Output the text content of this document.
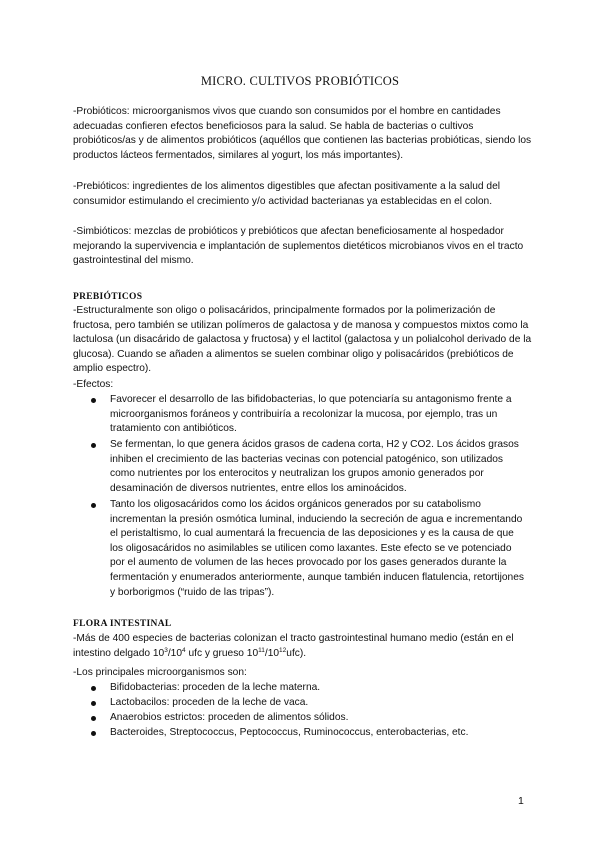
MICRO. CULTIVOS PROBIÓTICOS

-Probióticos: microorganismos vivos que cuando son consumidos por el hombre en cantidades adecuadas confieren efectos beneficiosos para la salud. Se habla de bacterias o cultivos probióticos/as y de alimentos probióticos (aquéllos que contienen las bacterias probióticas, siendo los productos lácteos fermentados, similares al yogurt, los más importantes).

-Prebióticos: ingredientes de los alimentos digestibles que afectan positivamente a la salud del consumidor estimulando el crecimiento y/o actividad bacterianas ya establecidas en el colon.

-Simbióticos: mezclas de probióticos y prebióticos que afectan beneficiosamente al hospedador mejorando la supervivencia e implantación de suplementos dietéticos microbianos vivos en el tracto gastrointestinal del mismo.

PREBIÓTICOS

-Estructuralmente son oligo o polisacáridos, principalmente formados por la polimerización de fructosa, pero también se utilizan polímeros de galactosa y de manosa y compuestos mixtos como la lactulosa (un disacárido de galactosa y fructosa) y el lactitol (galactosa y un polialcohol derivado de la glucosa). Cuando se añaden a alimentos se suelen combinar oligo y polisacáridos (prebióticos de amplio espectro).

-Efectos:

Favorecer el desarrollo de las bifidobacterias, lo que potenciaría su antagonismo frente a microorganismos foráneos y contribuiría a recolonizar la mucosa, por ejemplo, tras un tratamiento con antibióticos.
Se fermentan, lo que genera ácidos grasos de cadena corta, H2 y CO2. Los ácidos grasos inhiben el crecimiento de las bacterias vecinas con potencial patogénico, son utilizados como nutrientes por los enterocitos y neutralizan los grupos amonio generados por desaminación de diversos nutrientes, entre ellos los aminoácidos.
Tanto los oligosacáridos como los ácidos orgánicos generados por su catabolismo incrementan la presión osmótica luminal, induciendo la secreción de agua e incrementando el peristaltismo, lo cual aumentará la frecuencia de las deposiciones y es la causa de que los oligosacáridos no asimilables se utilicen como laxantes. Este efecto se ve potenciado por el aumento de volumen de las heces provocado por los gases generados durante la fermentación y enumerados anteriormente, aunque también inducen flatulencia, retortijones y borborigmos (“ruido de las tripas”).

FLORA INTESTINAL

-Más de 400 especies de bacterias colonizan el tracto gastrointestinal humano medio (están en el intestino delgado $10^3/10^4$ ufc y grueso $10^{11}/10^{12}ufc$).

-Los principales microorganismos son:

Bifidobacterias: proceden de la leche materna.
Lactobacilos: proceden de la leche de vaca.
Anaerobios estrictos: proceden de alimentos sólidos.
Bacteroides, Streptococcus, Peptococcus, Ruminococcus, enterobacterias, etc.
1
